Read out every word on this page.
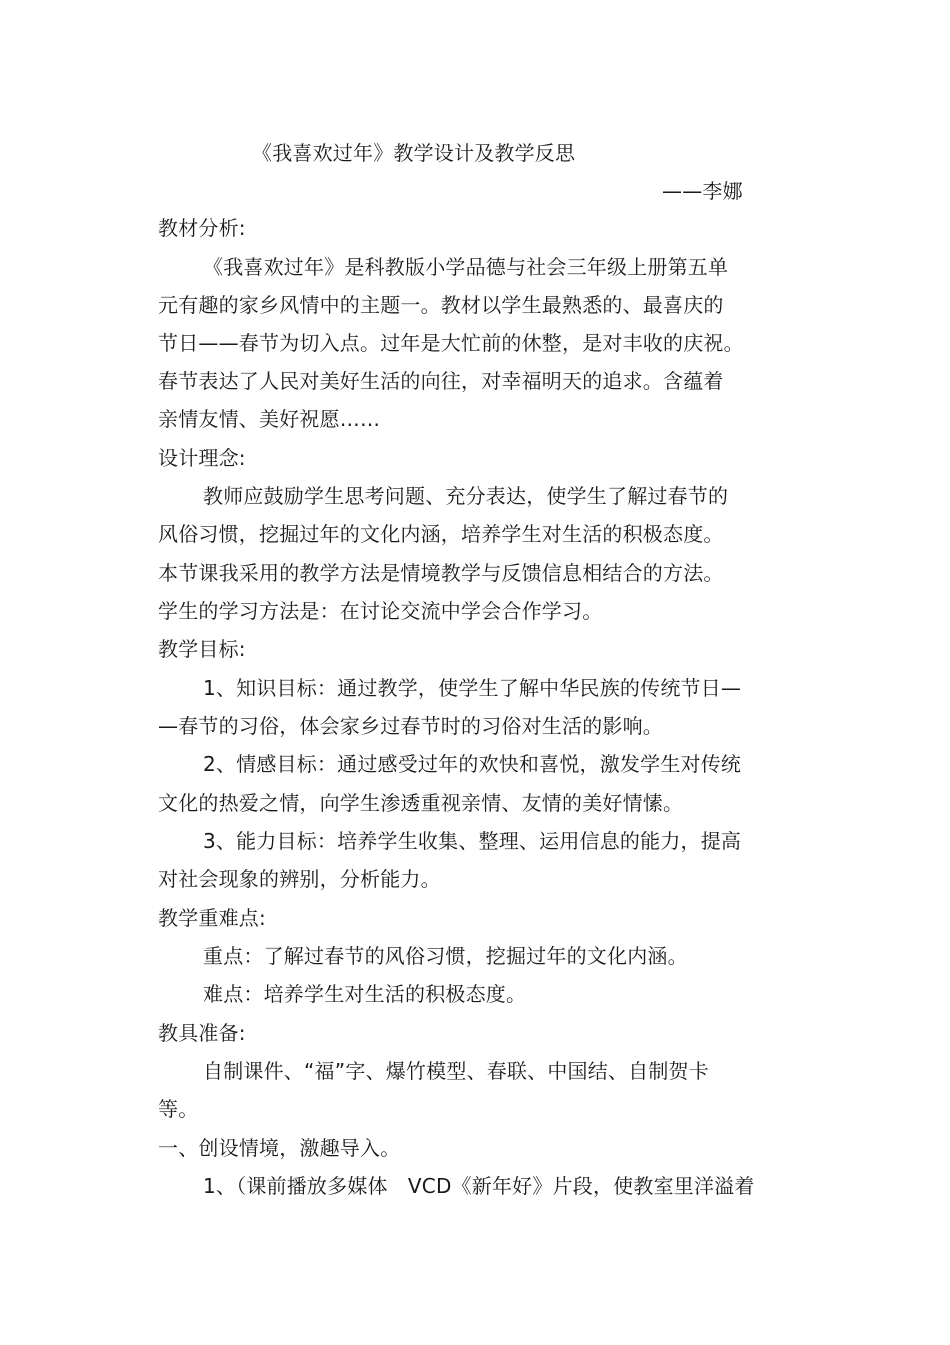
《我喜欢过年》教学设计及教学反思
——李娜
教材分析:
《我喜欢过年》是科教版小学品德与社会三年级上册第五单
元有趣的家乡风情中的主题一。教材以学生最熟悉的、最喜庆的
节日——春节为切入点。过年是大忙前的休整，是对丰收的庆祝。
春节表达了人民对美好生活的向往，对幸福明天的追求。含蕴着
亲情友情、美好祝愿……
设计理念:
教师应鼓励学生思考问题、充分表达，使学生了解过春节的
风俗习惯，挖掘过年的文化内涵，培养学生对生活的积极态度。
本节课我采用的教学方法是情境教学与反馈信息相结合的方法。
学生的学习方法是：在讨论交流中学会合作学习。
教学目标:
1、知识目标：通过教学，使学生了解中华民族的传统节日—
—春节的习俗，体会家乡过春节时的习俗对生活的影响。
2、情感目标：通过感受过年的欢快和喜悦，激发学生对传统
文化的热爱之情，向学生渗透重视亲情、友情的美好情愫。
3、能力目标：培养学生收集、整理、运用信息的能力，提高
对社会现象的辨别，分析能力。
教学重难点:
重点：了解过春节的风俗习惯，挖掘过年的文化内涵。
难点：培养学生对生活的积极态度。
教具准备:
自制课件、“福”字、爆竹模型、春联、中国结、自制贺卡
等。
一、创设情境，激趣导入。
1、（课前播放多媒体　VCD《新年好》片段，使教室里洋溢着
